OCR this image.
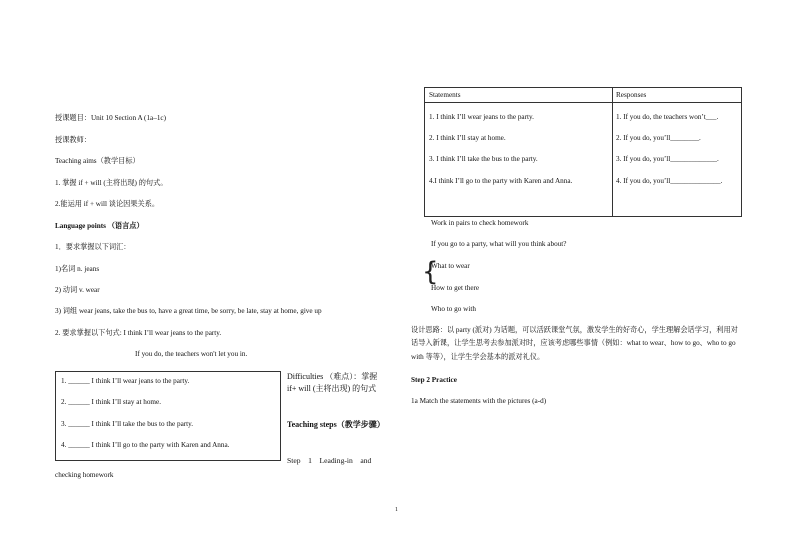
授课题目：Unit 10 Section A (1a–1c)
授课教师：
Teaching aims（教学目标）
1. 掌握 if + will (主将出现) 的句式。
2.能运用 if + will 谈论因果关系。
Language points （语言点）
1．要求掌握以下词汇：
1)名词 n. jeans
2) 动词 v. wear
3) 词组 wear jeans, take the bus to, have a great time, be sorry, be late, stay at home, give up
2. 要求掌握以下句式: I think I’ll wear jeans to the party.
If you do, the teachers won't let you in.
1. ______ I think I’ll wear jeans to the party.
2. ______ I think I’ll stay at home.
3. ______ I think I’ll take the bus to the party.
4. ______ I think I’ll go to the party with Karen and Anna.
checking homework
Difficulties （难点）：掌握 if+ will (主将出现) 的句式
Teaching steps（教学步骤）
Step    1    Leading-in    and
Statements	Responses
1. I think I’ll wear jeans to the party.	1. If you do, the teachers won’t___.
2. I think I’ll stay at home.	2. If you do, you’ll________.
3. I think I’ll take the bus to the party.	3. If you do, you’ll_____________.
4.I think I’ll go to the party with Karen and Anna.	4. If you do, you’ll______________.
Work in pairs to check homework
If you go to a party, what will you think about?
{
What to wear
How to get there
Who to go with
设计思路：以 party (派对) 为话题，可以活跃课堂气氛，激发学生的好奇心，学生理解会话学习，利用对话导入新课，让学生思考去参加派对时，应该考虑哪些事情（例如：what to wear、how to go、who to go with 等等），让学生学会基本的派对礼仪。
Step 2 Practice
1a Match the statements with the pictures (a-d)
1
